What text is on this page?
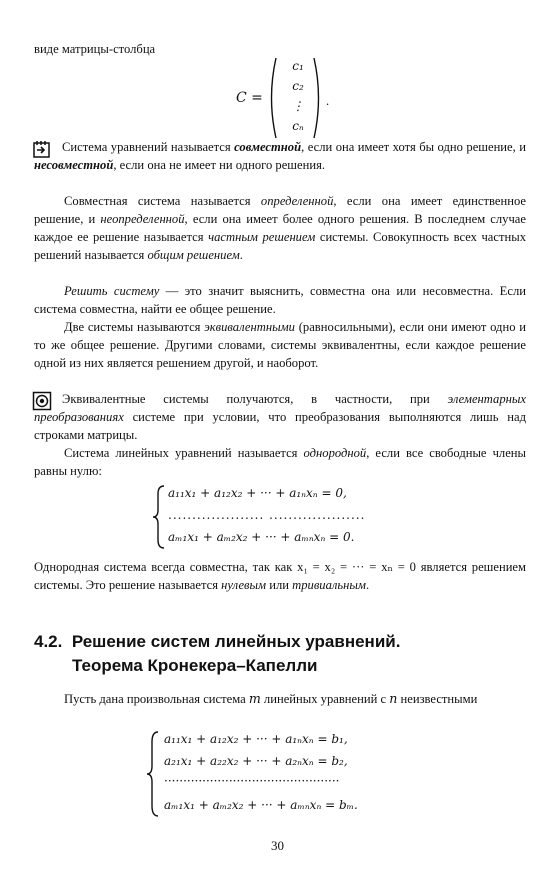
виде матрицы-столбца
C =
c₁
c₂
⋮
cₙ
.
Система уравнений называется совместной, если она имеет хотя бы одно решение, и несовместной, если она не имеет ни одного решения.
Совместная система называется определенной, если она имеет единственное решение, и неопределенной, если она имеет более одного решения. В последнем случае каждое ее решение называется частным решением системы. Совокупность всех частных решений называется общим решением.
Решить систему — это значит выяснить, совместна она или несовместна. Если система совместна, найти ее общее решение.
Две системы называются эквивалентными (равносильными), если они имеют одно и то же общее решение. Другими словами, системы эквивалентны, если каждое решение одной из них является решением другой, и наоборот.
Эквивалентные системы получаются, в частности, при элементарных преобразованиях системе при условии, что преобразования выполняются лишь над строками матрицы.
Система линейных уравнений называется однородной, если все свободные члены равны нулю:
a₁₁x₁ + a₁₂x₂ + ··· + a₁ₙxₙ = 0,
.................... ....................
aₘ₁x₁ + aₘ₂x₂ + ··· + aₘₙxₙ = 0.
Однородная система всегда совместна, так как x₁ = x₂ = ··· = xₙ = 0 является решением системы. Это решение называется нулевым или тривиальным.
4.2. Решение систем линейных уравнений.
Теорема Кронекера–Капелли
Пусть дана произвольная система m линейных уравнений с n неизвестными
a₁₁x₁ + a₁₂x₂ + ··· + a₁ₙxₙ = b₁,
a₂₁x₁ + a₂₂x₂ + ··· + a₂ₙxₙ = b₂,
··············································
aₘ₁x₁ + aₘ₂x₂ + ··· + aₘₙxₙ = bₘ.
30
